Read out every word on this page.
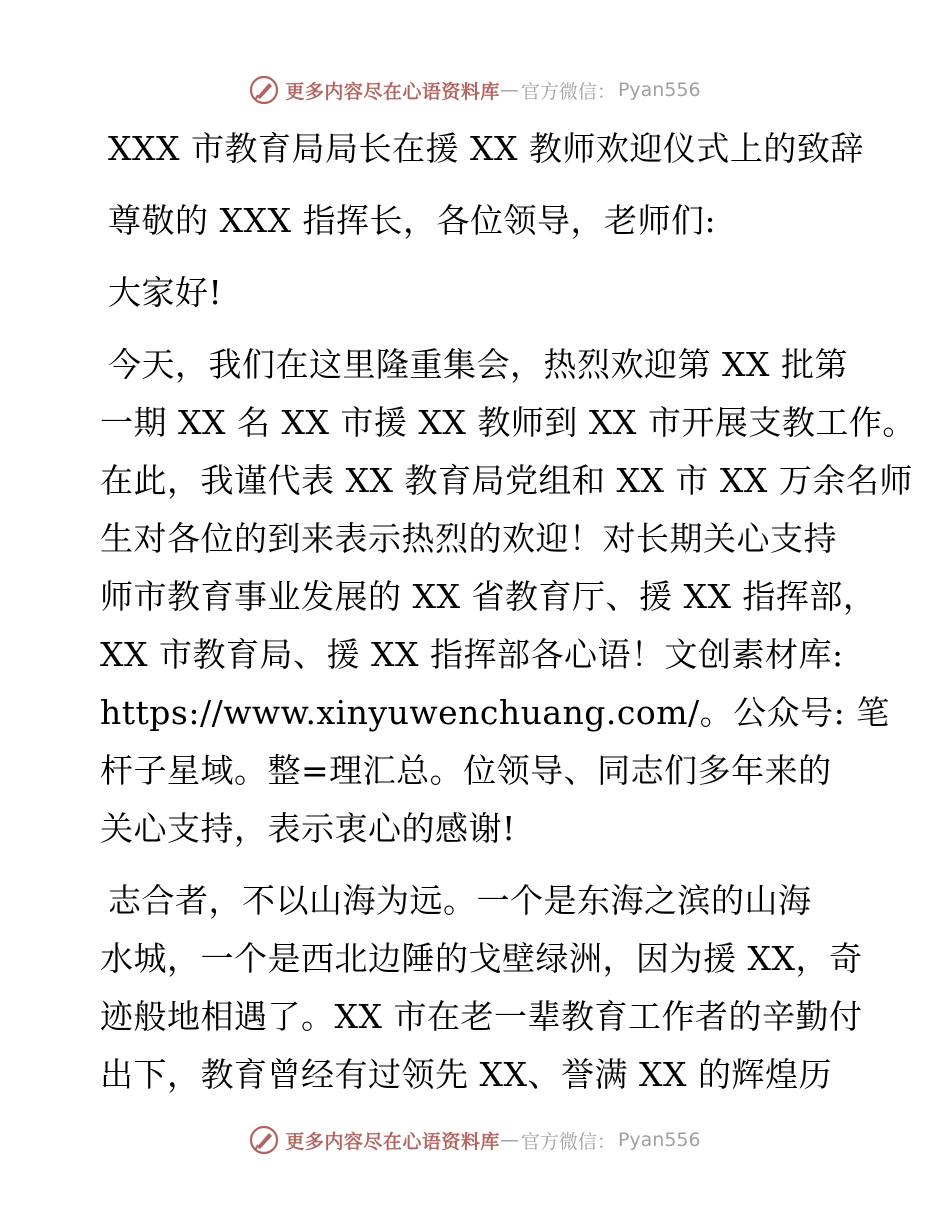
更多内容尽在心语资料库 — 官方微信： Pyan556
XXX 市教育局局长在援 XX 教师欢迎仪式上的致辞
尊敬的 XXX 指挥长，各位领导，老师们:
大家好!
今天，我们在这里隆重集会，热烈欢迎第 XX 批第
一期 XX 名 XX 市援 XX 教师到 XX 市开展支教工作。
在此，我谨代表 XX 教育局党组和 XX 市 XX 万余名师
生对各位的到来表示热烈的欢迎！对长期关心支持
师市教育事业发展的 XX 省教育厅、援 XX 指挥部，
XX 市教育局、援 XX 指挥部各心语！文创素材库:
https://www.xinyuwenchuang.com/。公众号: 笔
杆子星域。整=理汇总。位领导、同志们多年来的
关心支持，表示衷心的感谢!
志合者，不以山海为远。一个是东海之滨的山海
水城，一个是西北边陲的戈壁绿洲，因为援 XX，奇
迹般地相遇了。XX 市在老一辈教育工作者的辛勤付
出下，教育曾经有过领先 XX、誉满 XX 的辉煌历
更多内容尽在心语资料库 — 官方微信： Pyan556
